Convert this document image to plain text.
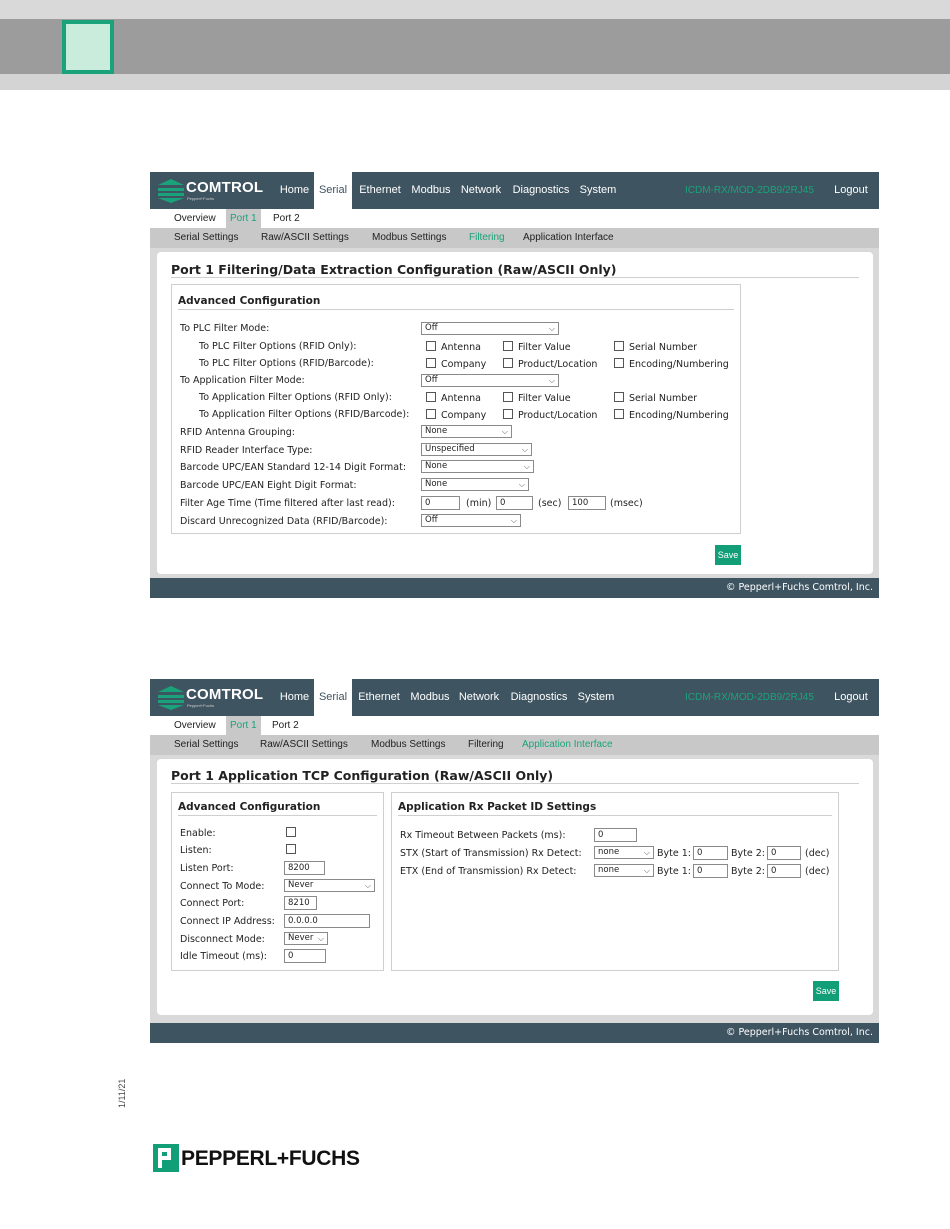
COMTROL
Pepperl+Fuchs
Home Serial	Ethernet Modbus Network	Diagnostics System	ICDM-RX/MOD-2DB9/2RJ45	Logout
Overview	Port 1	Port 2
Serial Settings Raw/ASCII Settings Modbus Settings Filtering Application Interface
Port 1 Filtering/Data Extraction Configuration (Raw/ASCII Only)
Advanced Configuration
To PLC Filter Mode:	Off	⌵
To PLC Filter Options (RFID Only):	Antenna	Filter Value	Serial Number
To PLC Filter Options (RFID/Barcode):	Company	Product/Location	Encoding/Numbering
To Application Filter Mode:	Off	⌵
To Application Filter Options (RFID Only):	Antenna	Filter Value	Serial Number
To Application Filter Options (RFID/Barcode):	Company	Product/Location	Encoding/Numbering
RFID Antenna Grouping:	None	⌵
RFID Reader Interface Type:	Unspecified	⌵
Barcode UPC/EAN Standard 12-14 Digit Format:	None	⌵
Barcode UPC/EAN Eight Digit Format:	None	⌵
Filter Age Time (Time filtered after last read):	0	(min)	0	(sec)	100	(msec)
Discard Unrecognized Data (RFID/Barcode):	Off	⌵
Save
© Pepperl+Fuchs Comtrol, Inc.
COMTROL
Pepperl+Fuchs
Home Serial	Ethernet Modbus Network	Diagnostics System	ICDM-RX/MOD-2DB9/2RJ45	Logout
Overview	Port 1	Port 2
Serial Settings Raw/ASCII Settings Modbus Settings Filtering Application Interface
Port 1 Application TCP Configuration (Raw/ASCII Only)
Advanced Configuration
Enable:
Listen:
Listen Port:	8200
Connect To Mode:	Never	⌵
Connect Port:	8210
Connect IP Address:	0.0.0.0
Disconnect Mode:	Never ⌵
Idle Timeout (ms):	0
Application Rx Packet ID Settings
Rx Timeout Between Packets (ms):	0
STX (Start of Transmission) Rx Detect:	none	⌵ Byte 1: 0	Byte 2: 0	(dec)
ETX (End of Transmission) Rx Detect:	none	⌵ Byte 1: 0	Byte 2: 0	(dec)
Save
© Pepperl+Fuchs Comtrol, Inc.
1/11/21
PEPPERL+FUCHS
